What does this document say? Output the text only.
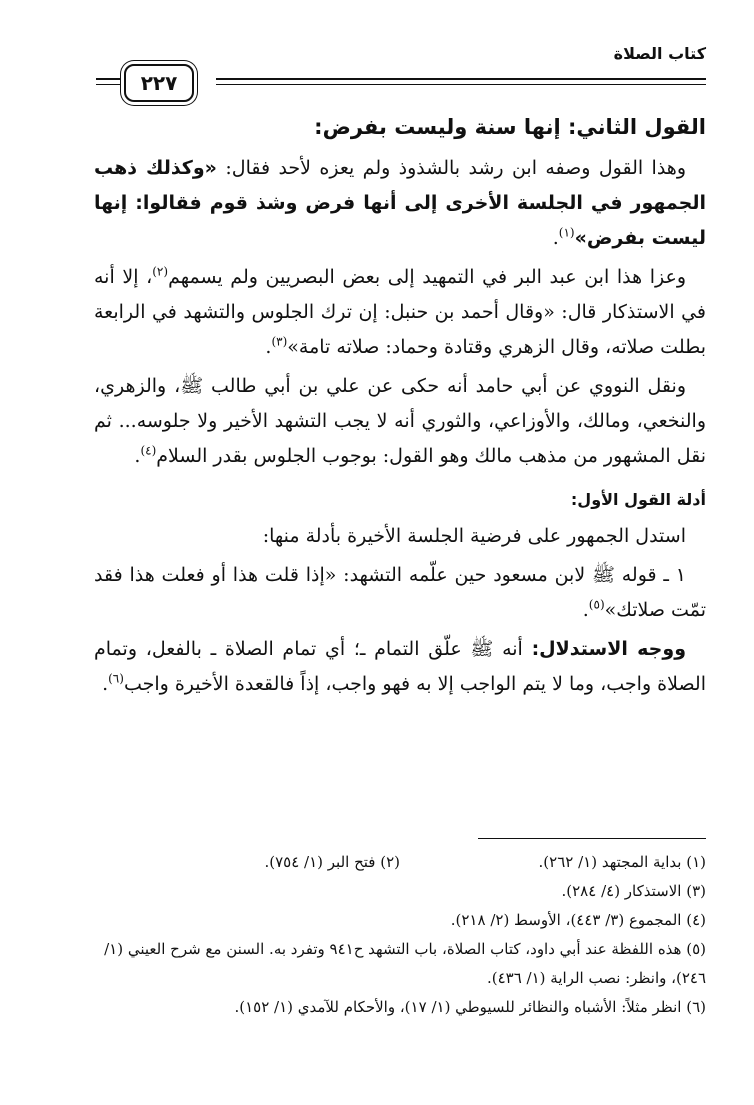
كتاب الصلاة
٢٢٧
القول الثاني: إنها سنة وليست بفرض:

وهذا القول وصفه ابن رشد بالشذوذ ولم يعزه لأحد فقال: «وكذلك ذهب الجمهور في الجلسة الأخرى إلى أنها فرض وشذ قوم فقالوا: إنها ليست بفرض»$^{(١)}$.

وعزا هذا ابن عبد البر في التمهيد إلى بعض البصريين ولم يسمهم$^{(٢)}$، إلا أنه في الاستذكار قال: «وقال أحمد بن حنبل: إن ترك الجلوس والتشهد في الرابعة بطلت صلاته، وقال الزهري وقتادة وحماد: صلاته تامة»$^{(٣)}$.

ونقل النووي عن أبي حامد أنه حكى عن علي بن أبي طالب ﷺ، والزهري، والنخعي، ومالك، والأوزاعي، والثوري أنه لا يجب التشهد الأخير ولا جلوسه... ثم نقل المشهور من مذهب مالك وهو القول: بوجوب الجلوس بقدر السلام$^{(٤)}$.

أدلة القول الأول:

استدل الجمهور على فرضية الجلسة الأخيرة بأدلة منها:

١ ـ قوله ﷺ لابن مسعود حين علّمه التشهد: «إذا قلت هذا أو فعلت هذا فقد تمّت صلاتك»$^{(٥)}$.

ووجه الاستدلال: أنه ﷺ علّق التمام ـ؛ أي تمام الصلاة ـ بالفعل، وتمام الصلاة واجب، وما لا يتم الواجب إلا به فهو واجب، إذاً فالقعدة الأخيرة واجب$^{(٦)}$.

(١) بداية المجتهد (١/ ٢٦٢).
(٢) فتح البر (١/ ٧٥٤).
(٣) الاستذكار (٤/ ٢٨٤).
(٤) المجموع (٣/ ٤٤٣)، الأوسط (٢/ ٢١٨).
(٥) هذه اللفظة عند أبي داود، كتاب الصلاة، باب التشهد ح٩٤١ وتفرد به. السنن مع شرح العيني (١/ ٢٤٦)، وانظر: نصب الراية (١/ ٤٣٦).
(٦) انظر مثلاً: الأشباه والنظائر للسيوطي (١/ ١٧)، والأحكام للآمدي (١/ ١٥٢).
